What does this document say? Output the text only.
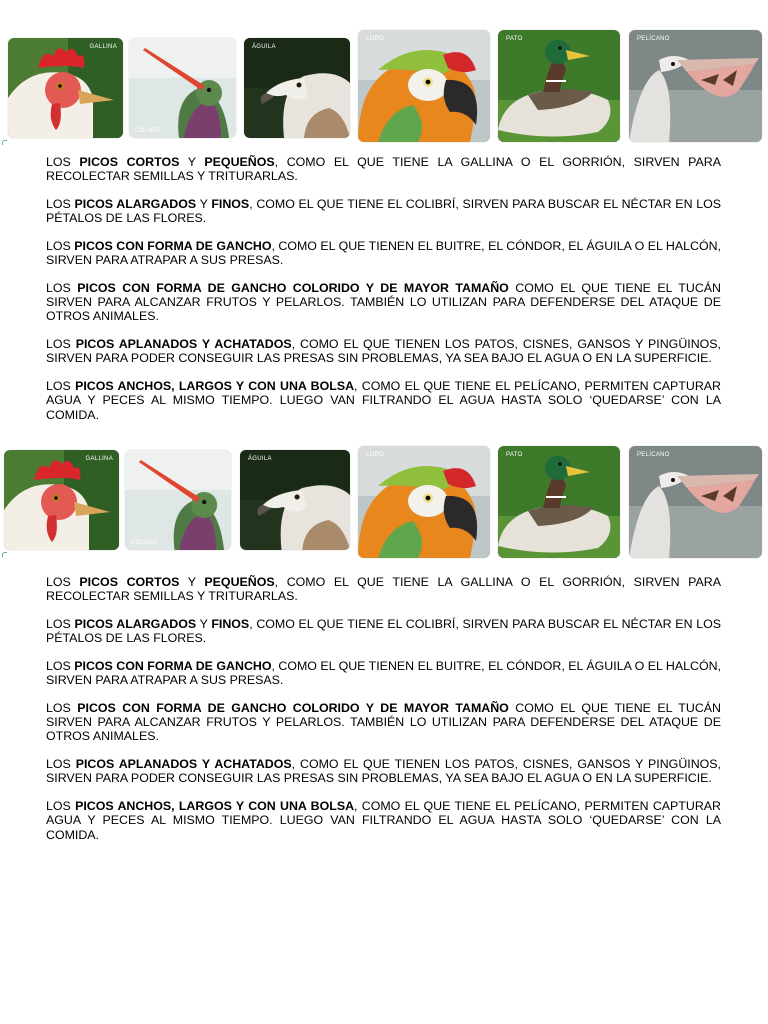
GALLINA
COLIBRÍ
ÁGUILA
LORO	PATO	PELÍCANO

LOS PICOS CORTOS Y PEQUEÑOS, COMO EL QUE TIENE LA GALLINA O EL GORRIÓN, SIRVEN PARA RECOLECTAR SEMILLAS Y TRITURARLAS.

LOS PICOS ALARGADOS Y FINOS, COMO EL QUE TIENE EL COLIBRÍ, SIRVEN PARA BUSCAR EL NÉCTAR EN LOS PÉTALOS DE LAS FLORES.

LOS PICOS CON FORMA DE GANCHO, COMO EL QUE TIENEN EL BUITRE, EL CÓNDOR, EL ÁGUILA O EL HALCÓN, SIRVEN PARA ATRAPAR A SUS PRESAS.

LOS PICOS CON FORMA DE GANCHO COLORIDO Y DE MAYOR TAMAÑO COMO EL QUE TIENE EL TUCÁN SIRVEN PARA ALCANZAR FRUTOS Y PELARLOS. TAMBIÉN LO UTILIZAN PARA DEFENDERSE DEL ATAQUE DE OTROS ANIMALES.

LOS PICOS APLANADOS Y ACHATADOS, COMO EL QUE TIENEN LOS PATOS, CISNES, GANSOS Y PINGÜINOS, SIRVEN PARA PODER CONSEGUIR LAS PRESAS SIN PROBLEMAS, YA SEA BAJO EL AGUA O EN LA SUPERFICIE.

LOS PICOS ANCHOS, LARGOS Y CON UNA BOLSA, COMO EL QUE TIENE EL PELÍCANO, PERMITEN CAPTURAR AGUA Y PECES AL MISMO TIEMPO. LUEGO VAN FILTRANDO EL AGUA HASTA SOLO ‘QUEDARSE’ CON LA COMIDA.

GALLINA
COLIBRÍ
ÁGUILA
LORO	PATO	PELÍCANO

LOS PICOS CORTOS Y PEQUEÑOS, COMO EL QUE TIENE LA GALLINA O EL GORRIÓN, SIRVEN PARA RECOLECTAR SEMILLAS Y TRITURARLAS.

LOS PICOS ALARGADOS Y FINOS, COMO EL QUE TIENE EL COLIBRÍ, SIRVEN PARA BUSCAR EL NÉCTAR EN LOS PÉTALOS DE LAS FLORES.

LOS PICOS CON FORMA DE GANCHO, COMO EL QUE TIENEN EL BUITRE, EL CÓNDOR, EL ÁGUILA O EL HALCÓN, SIRVEN PARA ATRAPAR A SUS PRESAS.

LOS PICOS CON FORMA DE GANCHO COLORIDO Y DE MAYOR TAMAÑO COMO EL QUE TIENE EL TUCÁN SIRVEN PARA ALCANZAR FRUTOS Y PELARLOS. TAMBIÉN LO UTILIZAN PARA DEFENDERSE DEL ATAQUE DE OTROS ANIMALES.

LOS PICOS APLANADOS Y ACHATADOS, COMO EL QUE TIENEN LOS PATOS, CISNES, GANSOS Y PINGÜINOS, SIRVEN PARA PODER CONSEGUIR LAS PRESAS SIN PROBLEMAS, YA SEA BAJO EL AGUA O EN LA SUPERFICIE.

LOS PICOS ANCHOS, LARGOS Y CON UNA BOLSA, COMO EL QUE TIENE EL PELÍCANO, PERMITEN CAPTURAR AGUA Y PECES AL MISMO TIEMPO. LUEGO VAN FILTRANDO EL AGUA HASTA SOLO ‘QUEDARSE’ CON LA COMIDA.
